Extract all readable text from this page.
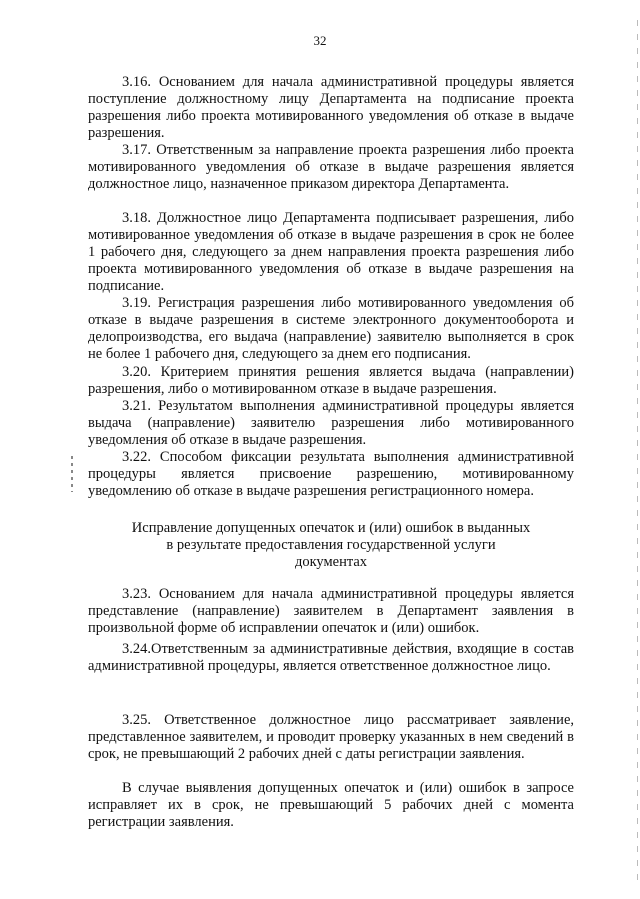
32

3.16. Основанием для начала административной процедуры является поступление должностному лицу Департамента на подписание проекта разрешения либо проекта мотивированного уведомления об отказе в выдаче разрешения.

3.17. Ответственным за направление проекта разрешения либо проекта мотивированного уведомления об отказе в выдаче разрешения является должностное лицо, назначенное приказом директора Департамента.

3.18. Должностное лицо Департамента подписывает разрешения, либо мотивированное уведомления об отказе в выдаче разрешения в срок не более 1 рабочего дня, следующего за днем направления проекта разрешения либо проекта мотивированного уведомления об отказе в выдаче разрешения на подписание.

3.19. Регистрация разрешения либо мотивированного уведомления об отказе в выдаче разрешения в системе электронного документооборота и делопроизводства, его выдача (направление) заявителю выполняется в срок не более 1 рабочего дня, следующего за днем его подписания.

3.20. Критерием принятия решения является выдача (направлении) разрешения, либо о мотивированном отказе в выдаче разрешения.

3.21. Результатом выполнения административной процедуры является выдача (направление) заявителю разрешения либо мотивированного уведомления об отказе в выдаче разрешения.

3.22. Способом фиксации результата выполнения административной процедуры является присвоение разрешению, мотивированному уведомлению об отказе в выдаче разрешения регистрационного номера.

Исправление допущенных опечаток и (или) ошибок в выданных
в результате предоставления государственной услуги
документах

3.23. Основанием для начала административной процедуры является представление (направление) заявителем в Департамент заявления в произвольной форме об исправлении опечаток и (или) ошибок.

3.24.Ответственным за административные действия, входящие в состав административной процедуры, является ответственное должностное лицо.

3.25. Ответственное должностное лицо рассматривает заявление, представленное заявителем, и проводит проверку указанных в нем сведений в срок, не превышающий 2 рабочих дней с даты регистрации заявления.

В случае выявления допущенных опечаток и (или) ошибок в запросе исправляет их в срок, не превышающий 5 рабочих дней с момента регистрации заявления.
